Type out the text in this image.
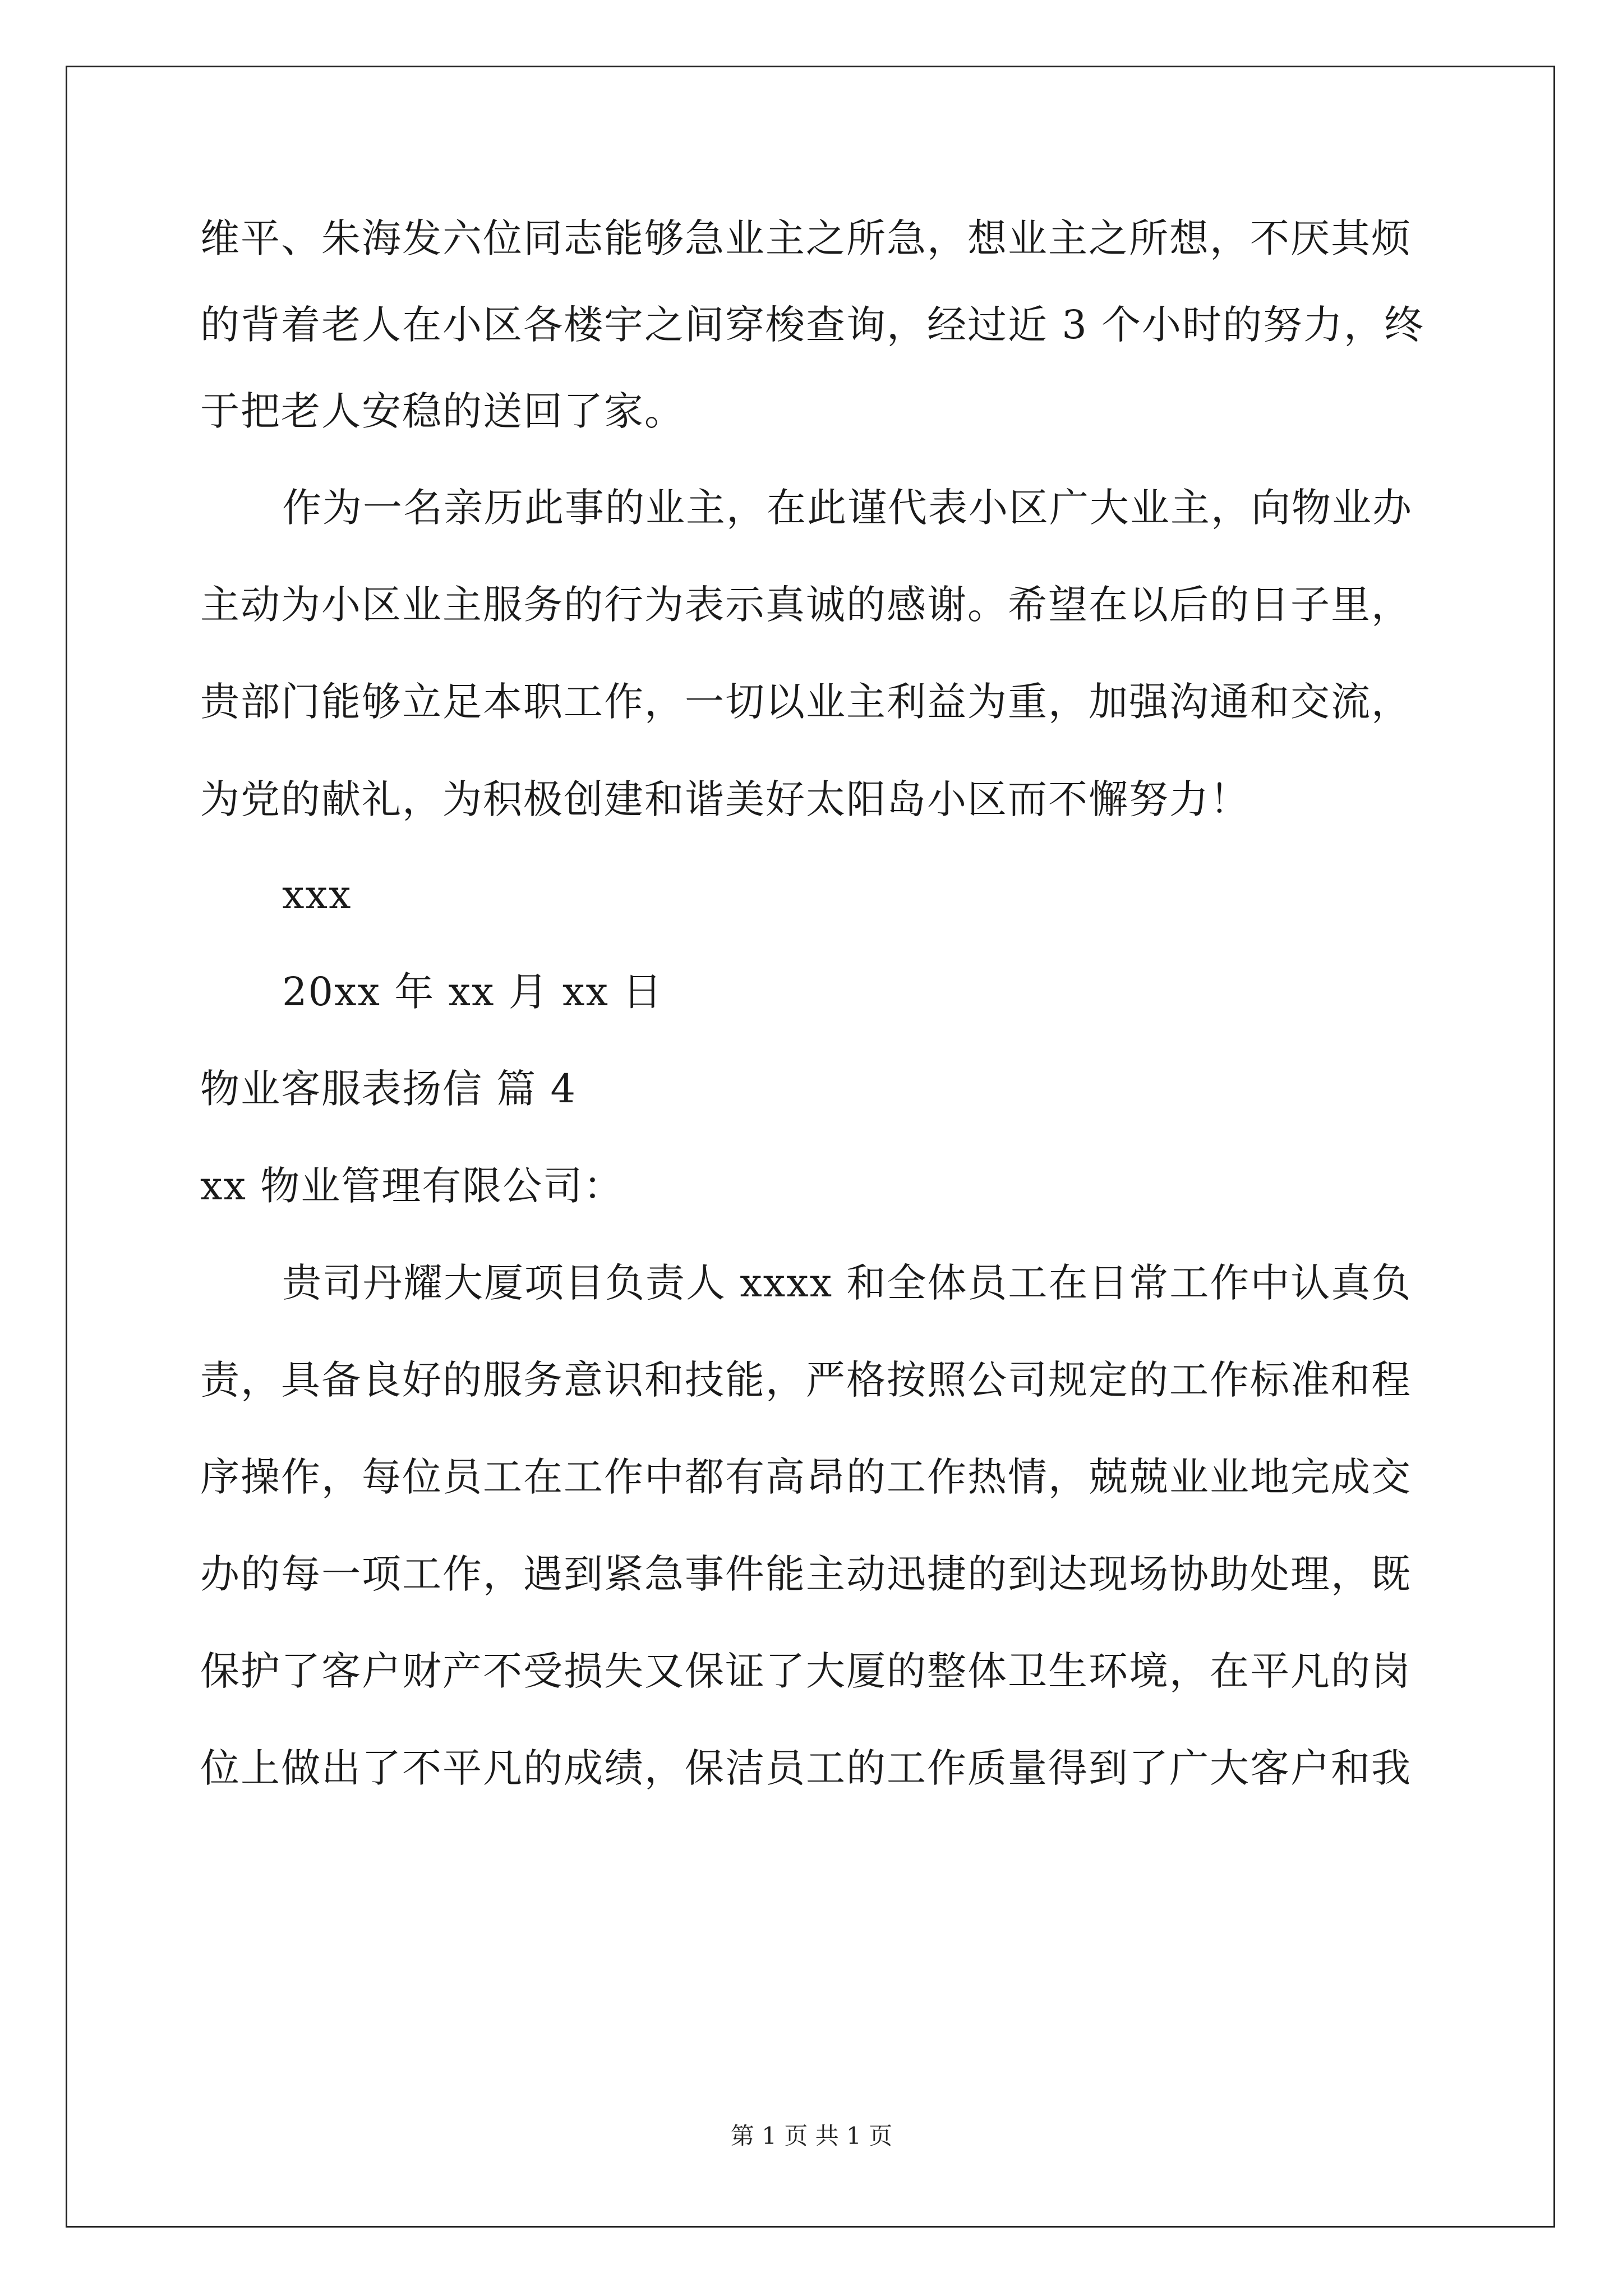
维平、朱海发六位同志能够急业主之所急，想业主之所想，不厌其烦
的背着老人在小区各楼宇之间穿梭查询，经过近 3 个小时的努力，终
于把老人安稳的送回了家。
作为一名亲历此事的业主，在此谨代表小区广大业主，向物业办
主动为小区业主服务的行为表示真诚的感谢。希望在以后的日子里，
贵部门能够立足本职工作，一切以业主利益为重，加强沟通和交流，
为党的献礼，为积极创建和谐美好太阳岛小区而不懈努力！
xxx
20xx 年 xx 月 xx 日
物业客服表扬信 篇 4
xx 物业管理有限公司：
贵司丹耀大厦项目负责人 xxxx 和全体员工在日常工作中认真负
责，具备良好的服务意识和技能，严格按照公司规定的工作标准和程
序操作，每位员工在工作中都有高昂的工作热情，兢兢业业地完成交
办的每一项工作，遇到紧急事件能主动迅捷的到达现场协助处理，既
保护了客户财产不受损失又保证了大厦的整体卫生环境，在平凡的岗
位上做出了不平凡的成绩，保洁员工的工作质量得到了广大客户和我
第 1 页 共 1 页
